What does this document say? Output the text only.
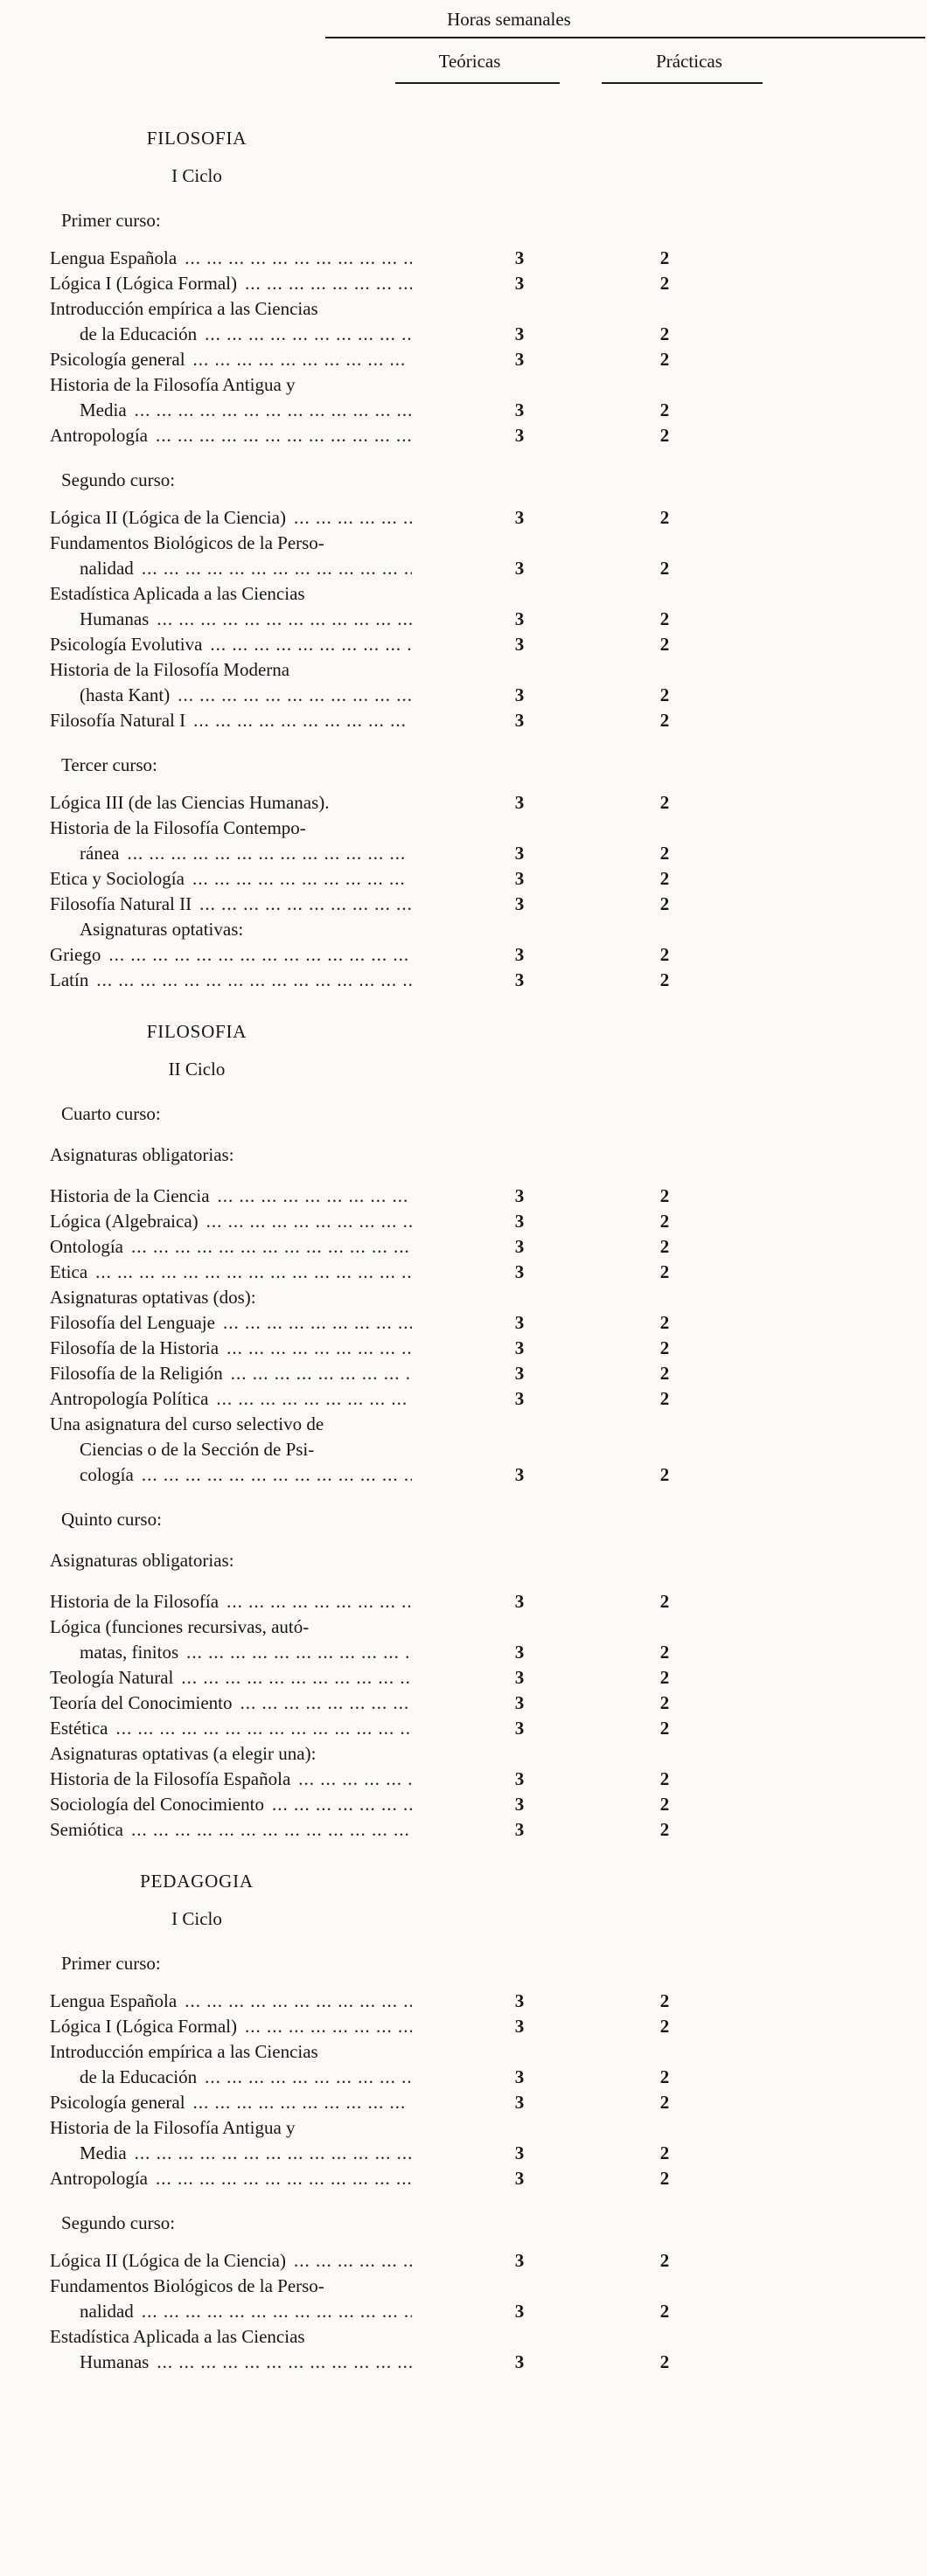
Horas semanales
Teóricas	Prácticas
FILOSOFIA
I Ciclo
Primer curso:
Lengua Española ... .	3	2
Lógica I (Lógica Formal) ... .	3	2
Introducción empírica a las Ciencias
de la Educación ... .	3	2
Psicología general ... .	3	2
Historia de la Filosofía Antigua y
Media ... .	3	2
Antropología ... .	3	2
Segundo curso:
Lógica II (Lógica de la Ciencia) ... .	3	2
Fundamentos Biológicos de la Perso-
nalidad ... .	3	2
Estadística Aplicada a las Ciencias
Humanas ... .	3	2
Psicología Evolutiva ... .	3	2
Historia de la Filosofía Moderna
(hasta Kant) ... .	3	2
Filosofía Natural I ... .	3	2
Tercer curso:
Lógica III (de las Ciencias Humanas).	3	2
Historia de la Filosofía Contempo-
ránea ... .	3	2
Etica y Sociología ... .	3	2
Filosofía Natural II ... .	3	2
Asignaturas optativas:
Griego ... .	3	2
Latín ... .	3	2
FILOSOFIA
II Ciclo
Cuarto curso:
Asignaturas obligatorias:
Historia de la Ciencia ... .	3	2
Lógica (Algebraica) ... .	3	2
Ontología ... .	3	2
Etica ... .	3	2
Asignaturas optativas (dos):
Filosofía del Lenguaje ... .	3	2
Filosofía de la Historia ... .	3	2
Filosofía de la Religión ... .	3	2
Antropología Política ... .	3	2
Una asignatura del curso selectivo de
Ciencias o de la Sección de Psi-
cología ... .	3	2
Quinto curso:
Asignaturas obligatorias:
Historia de la Filosofía ... .	3	2
Lógica (funciones recursivas, autó-
matas, finitos ... .	3	2
Teología Natural ... .	3	2
Teoría del Conocimiento ... .	3	2
Estética ... .	3	2
Asignaturas optativas (a elegir una):
Historia de la Filosofía Española ... .	3	2
Sociología del Conocimiento ... .	3	2
Semiótica ... .	3	2
PEDAGOGIA
I Ciclo
Primer curso:
Lengua Española ... .	3	2
Lógica I (Lógica Formal) ... .	3	2
Introducción empírica a las Ciencias
de la Educación ... .	3	2
Psicología general ... .	3	2
Historia de la Filosofía Antigua y
Media ... .	3	2
Antropología ... .	3	2
Segundo curso:
Lógica II (Lógica de la Ciencia) ... .	3	2
Fundamentos Biológicos de la Perso-
nalidad ... .	3	2
Estadística Aplicada a las Ciencias
Humanas ... .	3	2
